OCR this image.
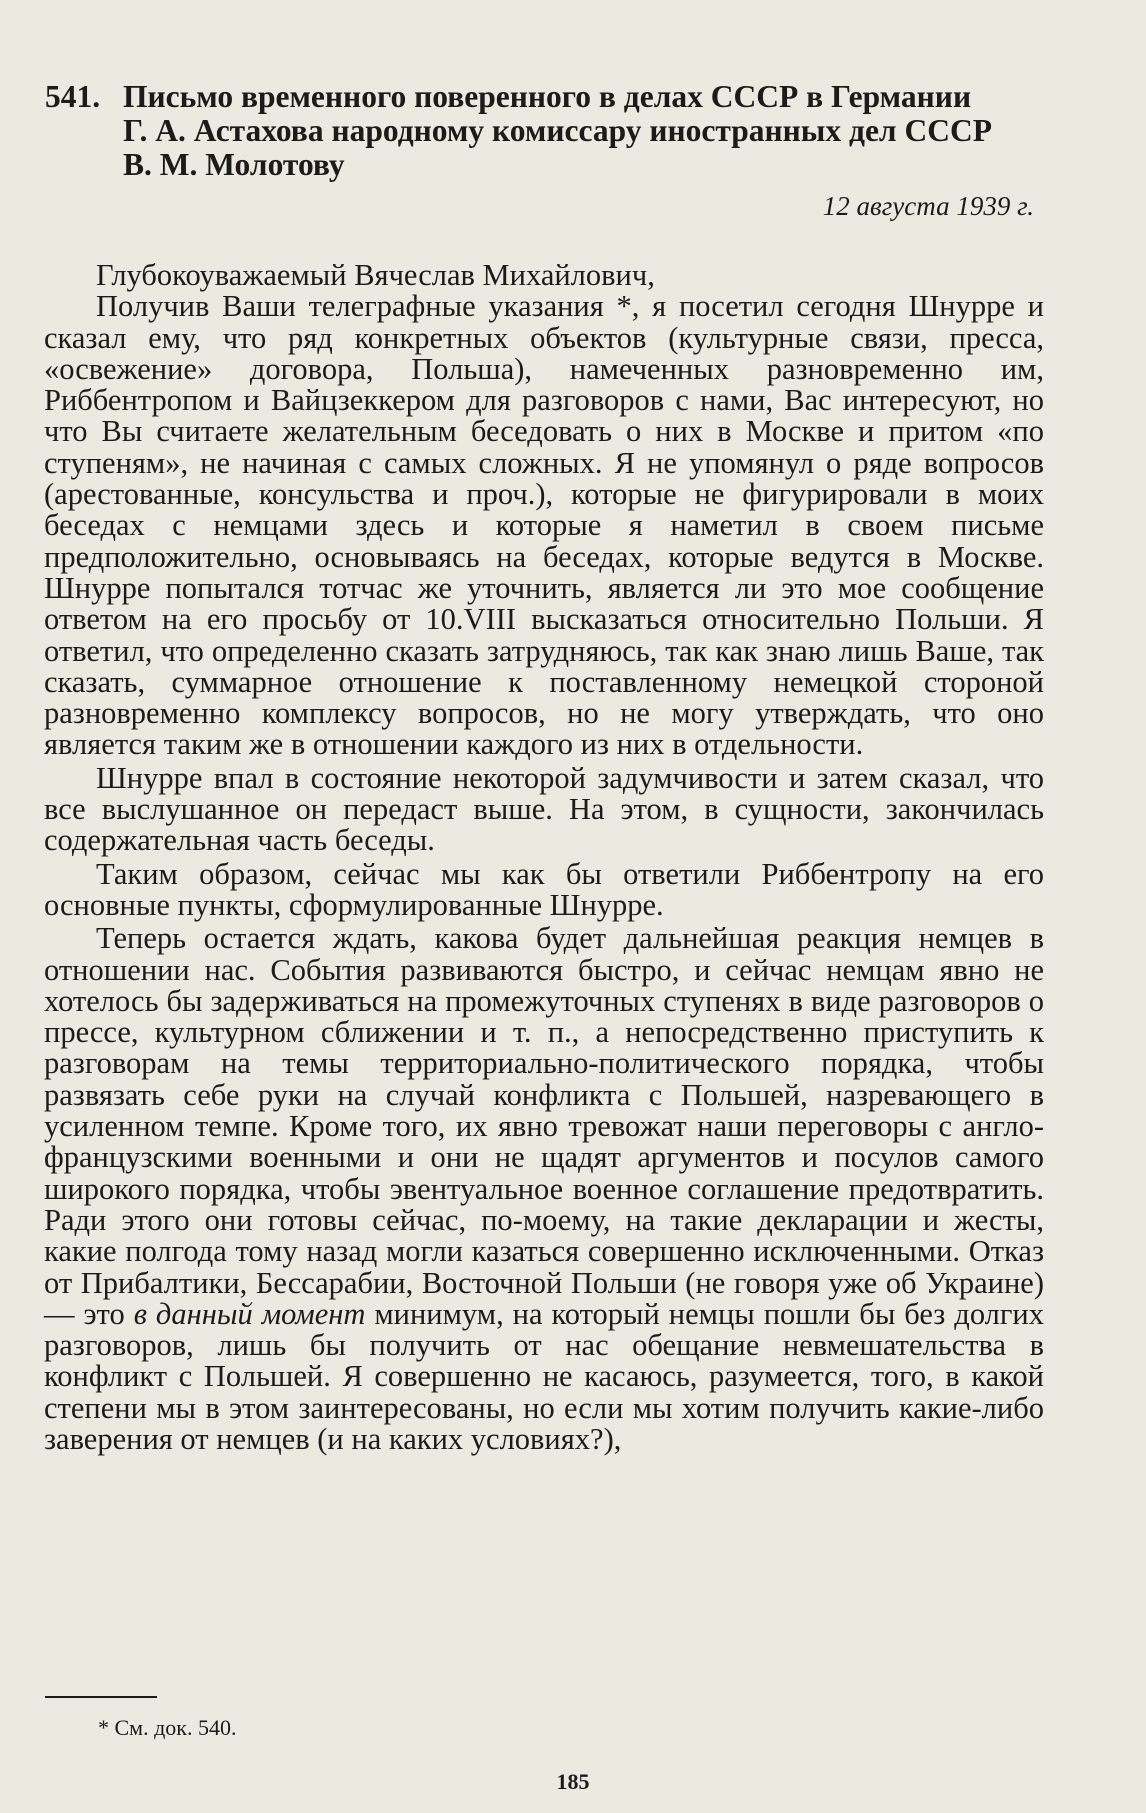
541. Письмо временного поверенного в делах СССР в Германии
Г. А. Астахова народному комиссару иностранных дел СССР
В. М. Молотову
12 августа 1939 г.

Глубокоуважаемый Вячеслав Михайлович,

Получив Ваши телеграфные указания *, я посетил сегодня Шнурре и сказал ему, что ряд конкретных объектов (культурные связи, пресса, «освежение» договора, Польша), намеченных разновременно им, Риббентропом и Вайцзеккером для разговоров с нами, Вас интересуют, но что Вы считаете желательным беседовать о них в Москве и притом «по ступеням», не начиная с самых сложных. Я не упомянул о ряде вопросов (арестованные, консульства и проч.), которые не фигурировали в моих беседах с немцами здесь и которые я наметил в своем письме предположительно, основываясь на беседах, которые ведутся в Москве. Шнурре попытался тотчас же уточнить, является ли это мое сообщение ответом на его просьбу от 10.VIII высказаться относительно Польши. Я ответил, что определенно сказать затрудняюсь, так как знаю лишь Ваше, так сказать, суммарное отношение к поставленному немецкой стороной разновременно комплексу вопросов, но не могу утверждать, что оно является таким же в отношении каждого из них в отдельности.

Шнурре впал в состояние некоторой задумчивости и затем сказал, что все выслушанное он передаст выше. На этом, в сущности, закончилась содержательная часть беседы.

Таким образом, сейчас мы как бы ответили Риббентропу на его основные пункты, сформулированные Шнурре.

Теперь остается ждать, какова будет дальнейшая реакция немцев в отношении нас. События развиваются быстро, и сейчас немцам явно не хотелось бы задерживаться на промежуточных ступенях в виде разговоров о прессе, культурном сближении и т. п., а непосредственно приступить к разговорам на темы территориально-политического порядка, чтобы развязать себе руки на случай конфликта с Польшей, назревающего в усиленном темпе. Кроме того, их явно тревожат наши переговоры с англо-французскими военными и они не щадят аргументов и посулов самого широкого порядка, чтобы эвентуальное военное соглашение предотвратить. Ради этого они готовы сейчас, по-моему, на такие декларации и жесты, какие полгода тому назад могли казаться совершенно исключенными. Отказ от Прибалтики, Бессарабии, Восточной Польши (не говоря уже об Украине) — это в данный момент минимум, на который немцы пошли бы без долгих разговоров, лишь бы получить от нас обещание невмешательства в конфликт с Польшей. Я совершенно не касаюсь, разумеется, того, в какой степени мы в этом заинтересованы, но если мы хотим получить какие-либо заверения от немцев (и на каких условиях?),

* См. док. 540.
185
